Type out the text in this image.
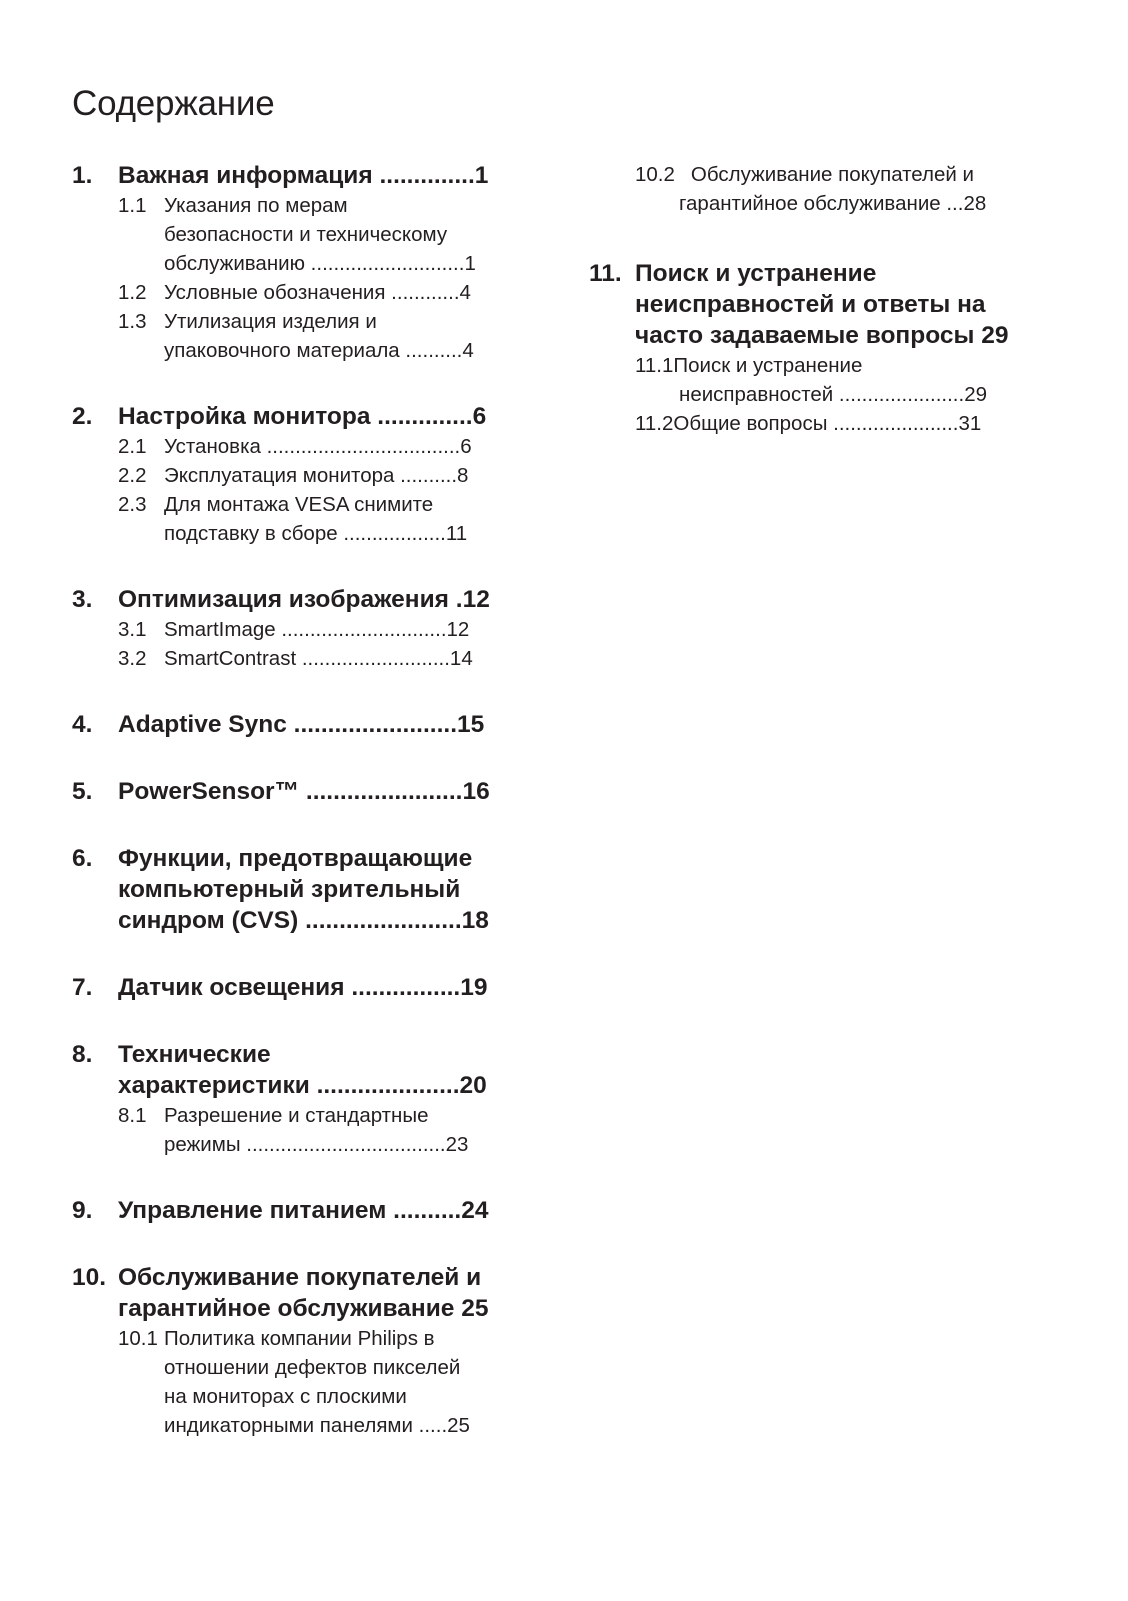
Содержание
1.	Важная информация ..............1
1.1 Указания по мерам
безопасности и техническому
обслуживанию ...........................1
1.2 Условные обозначения ............4
1.3 Утилизация изделия и
упаковочного материала ..........4
2.	Настройка монитора ..............6
2.1 Установка ..................................6
2.2 Эксплуатация монитора ..........8
2.3 Для монтажа VESA снимите
подставку в сборе ..................11
3.	Оптимизация изображения .12
3.1 SmartImage .............................12
3.2 SmartContrast ..........................14
4.	Adaptive Sync ........................15
5.	PowerSensor™ .......................16
6.	Функции, предотвращающие
компьютерный зрительный
синдром (CVS) .......................18
7.	Датчик освещения ................19
8.	Технические
характеристики .....................20
8.1 Разрешение и стандартные
режимы ...................................23
9.	Управление питанием ..........24
10. Обслуживание покупателей и
гарантийное обслуживание 25
10.1 Политика компании Philips в
отношении дефектов пикселей
на мониторах с плоскими
индикаторными панелями .....25
10.2 Обслуживание покупателей и
гарантийное обслуживание ...28
11. Поиск и устранение
неисправностей и ответы на
часто задаваемые вопросы 29
11.1Поиск и устранение
неисправностей ......................29
11.2Общие вопросы ......................31
